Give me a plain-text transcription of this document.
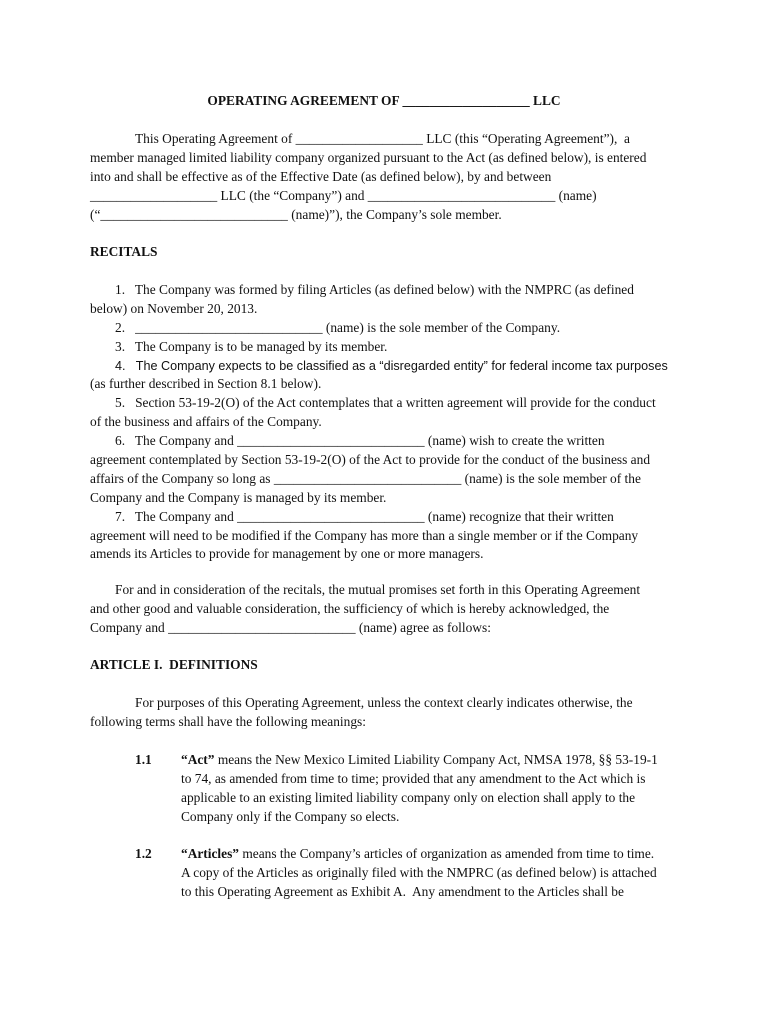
OPERATING AGREEMENT OF ___________________ LLC
This Operating Agreement of ___________________ LLC (this “Operating Agreement”),  a
member managed limited liability company organized pursuant to the Act (as defined below), is entered
into and shall be effective as of the Effective Date (as defined below), by and between
___________________ LLC (the “Company”) and ____________________________ (name)
(“____________________________ (name)”), the Company’s sole member.
RECITALS
1.   The Company was formed by filing Articles (as defined below) with the NMPRC (as defined
below) on November 20, 2013.
2.   ____________________________ (name) is the sole member of the Company.
3.   The Company is to be managed by its member.
4.   The Company expects to be classified as a “disregarded entity” for federal income tax purposes
(as further described in Section 8.1 below).
5.   Section 53-19-2(O) of the Act contemplates that a written agreement will provide for the conduct
of the business and affairs of the Company.
6.   The Company and ____________________________ (name) wish to create the written
agreement contemplated by Section 53-19-2(O) of the Act to provide for the conduct of the business and
affairs of the Company so long as ____________________________ (name) is the sole member of the
Company and the Company is managed by its member.
7.   The Company and ____________________________ (name) recognize that their written
agreement will need to be modified if the Company has more than a single member or if the Company
amends its Articles to provide for management by one or more managers.
For and in consideration of the recitals, the mutual promises set forth in this Operating Agreement
and other good and valuable consideration, the sufficiency of which is hereby acknowledged, the
Company and ____________________________ (name) agree as follows:
ARTICLE I.  DEFINITIONS
For purposes of this Operating Agreement, unless the context clearly indicates otherwise, the
following terms shall have the following meanings:
1.1 “Act” means the New Mexico Limited Liability Company Act, NMSA 1978, §§ 53-19-1
to 74, as amended from time to time; provided that any amendment to the Act which is
applicable to an existing limited liability company only on election shall apply to the
Company only if the Company so elects.
1.2 “Articles” means the Company’s articles of organization as amended from time to time.
A copy of the Articles as originally filed with the NMPRC (as defined below) is attached
to this Operating Agreement as Exhibit A.  Any amendment to the Articles shall be
